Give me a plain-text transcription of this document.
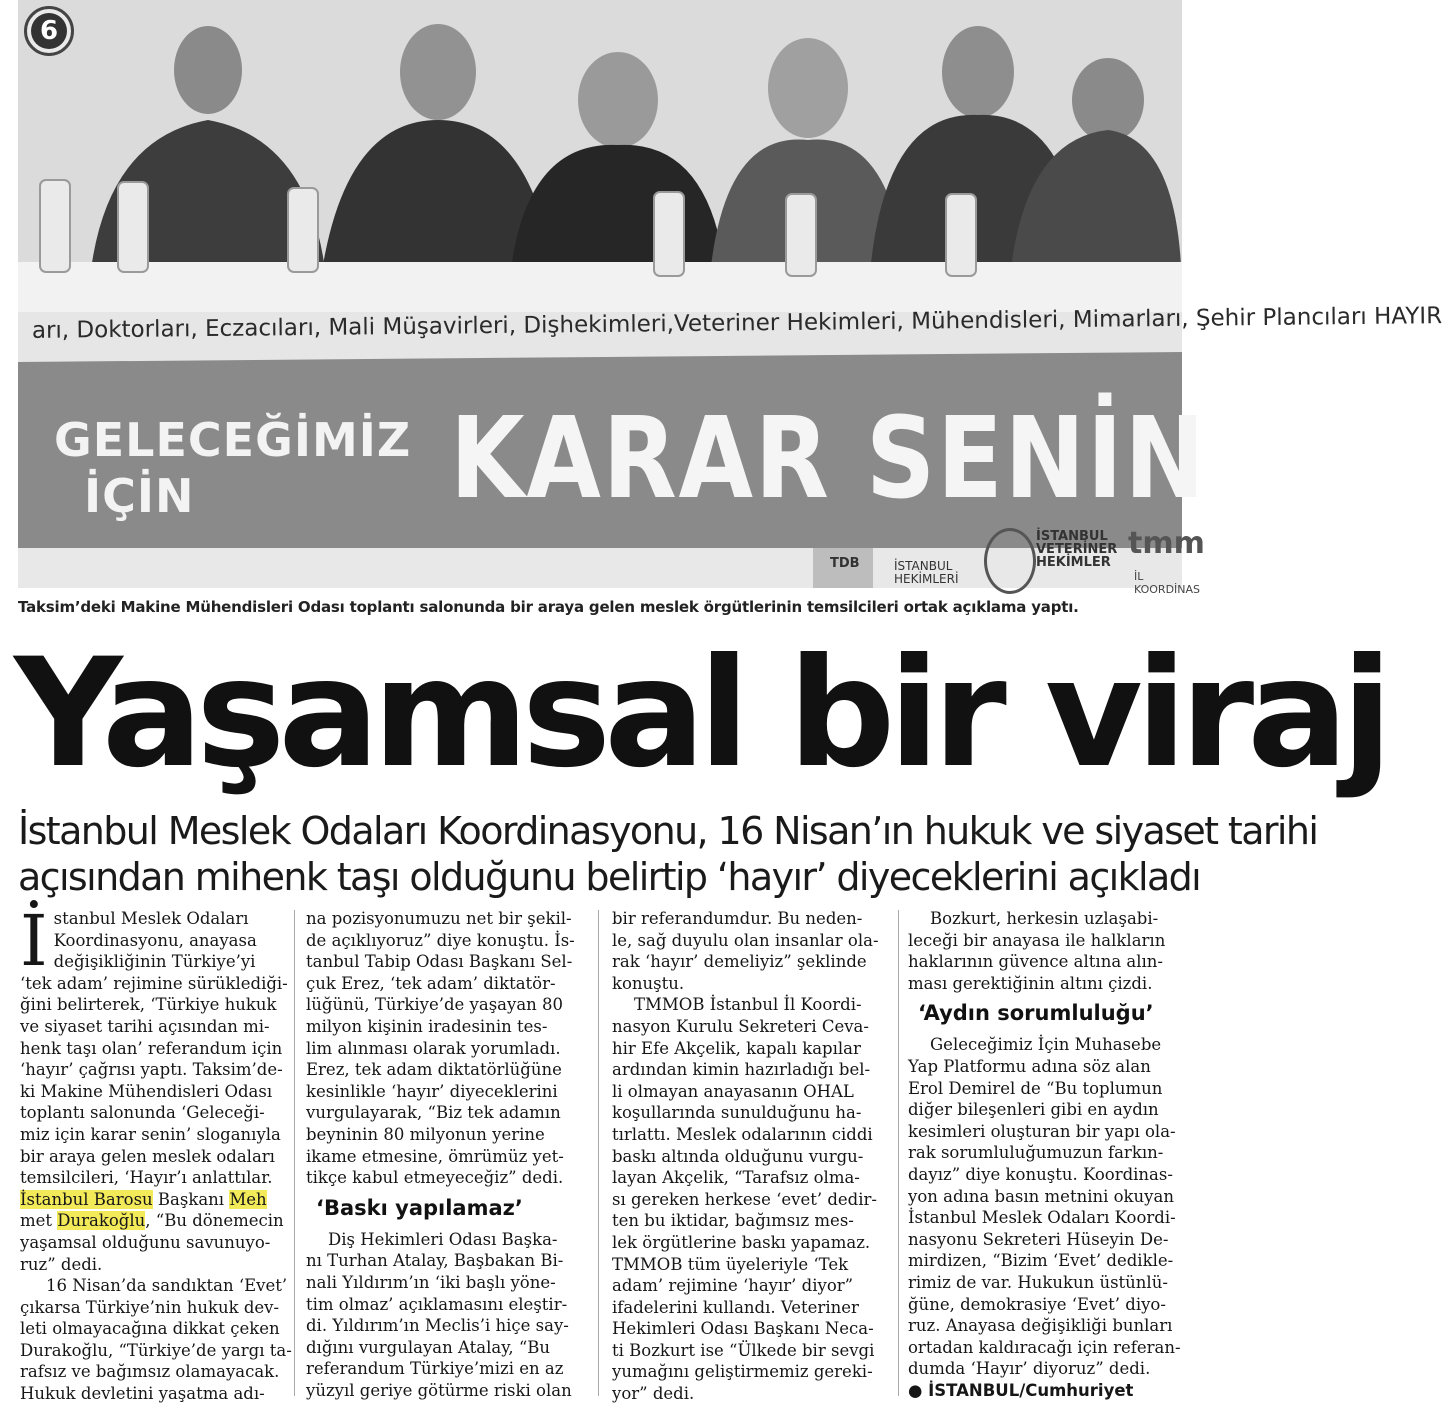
arı, Doktorları, Eczacıları, Mali Müşavirleri, Dişhekimleri,Veteriner Hekimleri, Mühendisleri, Mimarları, Şehir Plancıları HAYIR
GELECEĞİMİZ
İÇİN	KARAR SENİN
TDB	İSTANBUL
HEKİMLERİ
İSTANBUL
VETERİNER
HEKİMLER
tmm
İL KOORDİNAS
6
Taksim’deki Makine Mühendisleri Odası toplantı salonunda bir araya gelen meslek örgütlerinin temsilcileri ortak açıklama yaptı.
Yaşamsal bir viraj
İstanbul Meslek Odaları Koordinasyonu, 16 Nisan’ın hukuk ve siyaset tarihi
açısından mihenk taşı olduğunu belirtip ‘hayır’ diyeceklerini açıkladı
İ stanbul Meslek Odaları
Koordinasyonu, anayasa
değişikliğinin Türkiye’yi
‘tek adam’ rejimine sürüklediği-
ğini belirterek, ‘Türkiye hukuk
ve siyaset tarihi açısından mi-
henk taşı olan’ referandum için
‘hayır’ çağrısı yaptı. Taksim’de-
ki Makine Mühendisleri Odası
toplantı salonunda ‘Geleceği-
miz için karar senin’ sloganıyla
bir araya gelen meslek odaları
temsilcileri, ‘Hayır’ı anlattılar.
İstanbul Barosu Başkanı Meh
met Durakoğlu, “Bu dönemecin
yaşamsal olduğunu savunuyo-
ruz” dedi.
16 Nisan’da sandıktan ‘Evet’
çıkarsa Türkiye’nin hukuk dev-
leti olmayacağına dikkat çeken
Durakoğlu, “Türkiye’de yargı ta-
rafsız ve bağımsız olamayacak.
Hukuk devletini yaşatma adı-
na pozisyonumuzu net bir şekil-
de açıklıyoruz” diye konuştu. İs-
tanbul Tabip Odası Başkanı Sel-
çuk Erez, ‘tek adam’ diktatör-
lüğünü, Türkiye’de yaşayan 80
milyon kişinin iradesinin tes-
lim alınması olarak yorumladı.
Erez, tek adam diktatörlüğüne
kesinlikle ‘hayır’ diyeceklerini
vurgulayarak, “Biz tek adamın
beyninin 80 milyonun yerine
ikame etmesine, ömrümüz yet-
tikçe kabul etmeyeceğiz” dedi.
‘Baskı yapılamaz’
Diş Hekimleri Odası Başka-
nı Turhan Atalay, Başbakan Bi-
nali Yıldırım’ın ‘iki başlı yöne-
tim olmaz’ açıklamasını eleştir-
di. Yıldırım’ın Meclis’i hiçe say-
dığını vurgulayan Atalay, “Bu
referandum Türkiye’mizi en az
yüzyıl geriye götürme riski olan
bir referandumdur. Bu neden-
le, sağ duyulu olan insanlar ola-
rak ‘hayır’ demeliyiz” şeklinde
konuştu.
TMMOB İstanbul İl Koordi-
nasyon Kurulu Sekreteri Ceva-
hir Efe Akçelik, kapalı kapılar
ardından kimin hazırladığı bel-
li olmayan anayasanın OHAL
koşullarında sunulduğunu ha-
tırlattı. Meslek odalarının ciddi
baskı altında olduğunu vurgu-
layan Akçelik, “Tarafsız olma-
sı gereken herkese ‘evet’ dedir-
ten bu iktidar, bağımsız mes-
lek örgütlerine baskı yapamaz.
TMMOB tüm üyeleriyle ‘Tek
adam’ rejimine ‘hayır’ diyor”
ifadelerini kullandı. Veteriner
Hekimleri Odası Başkanı Neca-
ti Bozkurt ise “Ülkede bir sevgi
yumağını geliştirmemiz gereki-
yor” dedi.
Bozkurt, herkesin uzlaşabi-
leceği bir anayasa ile halkların
haklarının güvence altına alın-
ması gerektiğinin altını çizdi.
‘Aydın sorumluluğu’
Geleceğimiz İçin Muhasebe
Yap Platformu adına söz alan
Erol Demirel de “Bu toplumun
diğer bileşenleri gibi en aydın
kesimleri oluşturan bir yapı ola-
rak sorumluluğumuzun farkın-
dayız” diye konuştu. Koordinas-
yon adına basın metnini okuyan
İstanbul Meslek Odaları Koordi-
nasyonu Sekreteri Hüseyin De-
mirdizen, “Bizim ‘Evet’ dedikle-
rimiz de var. Hukukun üstünlü-
ğüne, demokrasiye ‘Evet’ diyo-
ruz. Anayasa değişikliği bunları
ortadan kaldıracağı için referan-
dumda ‘Hayır’ diyoruz” dedi.
● İSTANBUL/Cumhuriyet
